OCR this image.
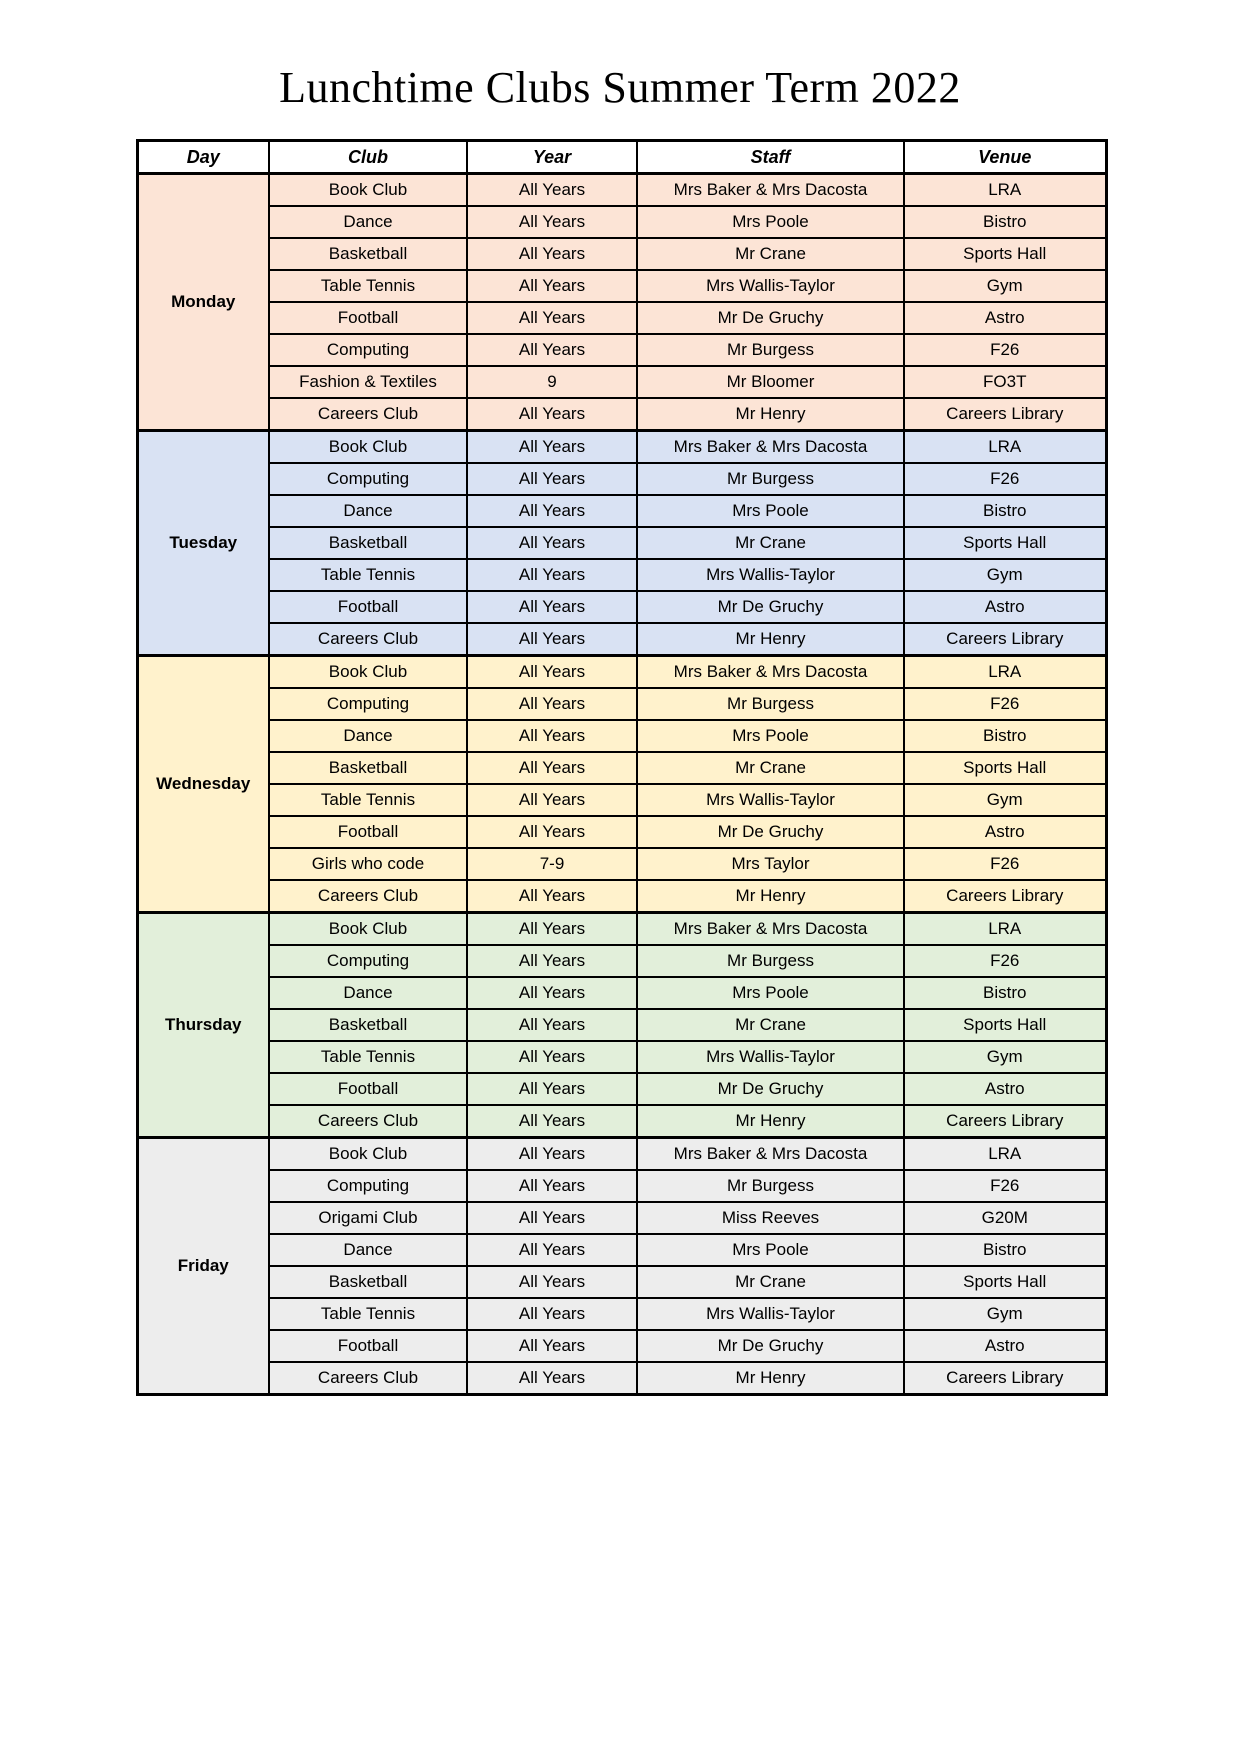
Lunchtime Clubs Summer Term 2022
Day	Club	Year	Staff	Venue
Monday	Book Club	All Years	Mrs Baker & Mrs Dacosta	LRA
	Dance	All Years	Mrs Poole	Bistro
	Basketball	All Years	Mr Crane	Sports Hall
	Table Tennis	All Years	Mrs Wallis-Taylor	Gym
	Football	All Years	Mr De Gruchy	Astro
	Computing	All Years	Mr Burgess	F26
	Fashion & Textiles	9	Mr Bloomer	FO3T
	Careers Club	All Years	Mr Henry	Careers Library
Tuesday	Book Club	All Years	Mrs Baker & Mrs Dacosta	LRA
	Computing	All Years	Mr Burgess	F26
	Dance	All Years	Mrs Poole	Bistro
	Basketball	All Years	Mr Crane	Sports Hall
	Table Tennis	All Years	Mrs Wallis-Taylor	Gym
	Football	All Years	Mr De Gruchy	Astro
	Careers Club	All Years	Mr Henry	Careers Library
Wednesday	Book Club	All Years	Mrs Baker & Mrs Dacosta	LRA
	Computing	All Years	Mr Burgess	F26
	Dance	All Years	Mrs Poole	Bistro
	Basketball	All Years	Mr Crane	Sports Hall
	Table Tennis	All Years	Mrs Wallis-Taylor	Gym
	Football	All Years	Mr De Gruchy	Astro
	Girls who code	7-9	Mrs Taylor	F26
	Careers Club	All Years	Mr Henry	Careers Library
Thursday	Book Club	All Years	Mrs Baker & Mrs Dacosta	LRA
	Computing	All Years	Mr Burgess	F26
	Dance	All Years	Mrs Poole	Bistro
	Basketball	All Years	Mr Crane	Sports Hall
	Table Tennis	All Years	Mrs Wallis-Taylor	Gym
	Football	All Years	Mr De Gruchy	Astro
	Careers Club	All Years	Mr Henry	Careers Library
Friday	Book Club	All Years	Mrs Baker & Mrs Dacosta	LRA
	Computing	All Years	Mr Burgess	F26
	Origami Club	All Years	Miss Reeves	G20M
	Dance	All Years	Mrs Poole	Bistro
	Basketball	All Years	Mr Crane	Sports Hall
	Table Tennis	All Years	Mrs Wallis-Taylor	Gym
	Football	All Years	Mr De Gruchy	Astro
	Careers Club	All Years	Mr Henry	Careers Library
